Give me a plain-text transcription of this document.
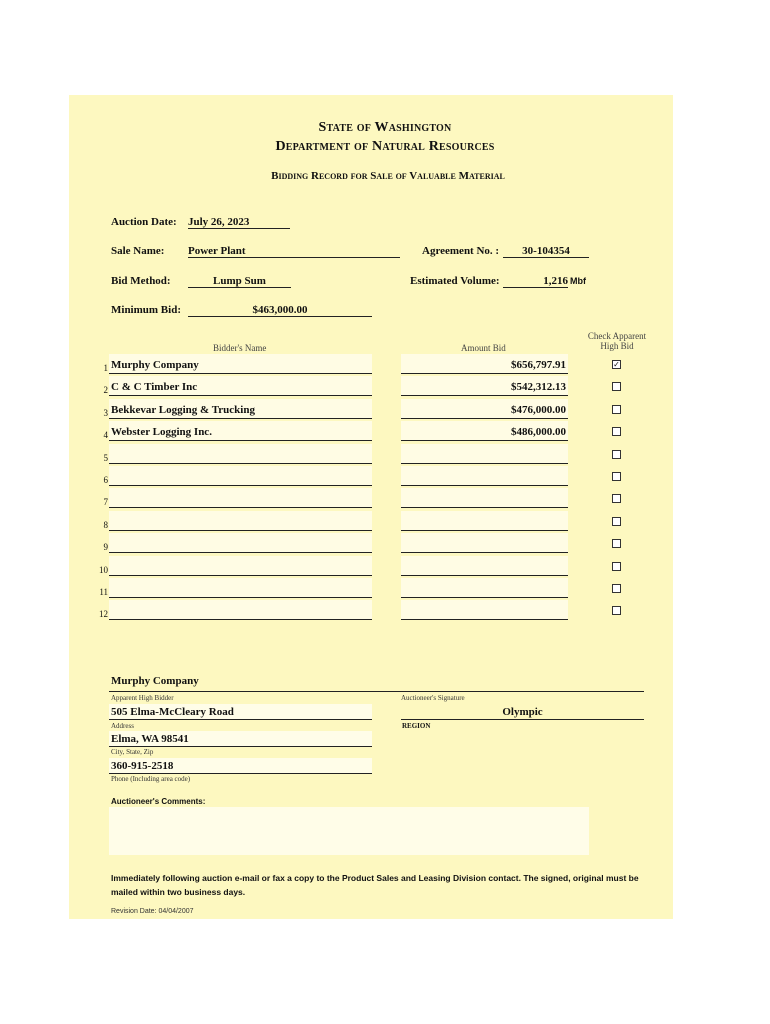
State of Washington
Department of Natural Resources
Bidding Record for Sale of Valuable Material
Auction Date: July 26, 2023
Sale Name: Power Plant	Agreement No. :	30-104354
Bid Method:	Lump Sum	Estimated Volume:	1,216 Mbf
Minimum Bid:	$463,000.00
Bidder's Name	Amount Bid
Check Apparent
High Bid
1 Murphy Company	$656,797.91	✓
2 C & C Timber Inc	$542,312.13
3 Bekkevar Logging & Trucking	$476,000.00
4 Webster Logging Inc.	$486,000.00
5
6
7
8
9
10
11
12
Murphy Company
Apparent High Bidder	Auctioneer's Signature
505 Elma-McCleary Road
Address
Olympic
REGION
Elma, WA 98541
City, State, Zip
360-915-2518
Phone (Including area code)
Auctioneer's Comments:
Immediately following auction e-mail or fax a copy to the Product Sales and Leasing Division contact. The signed, original must be mailed within two business days.
Revision Date: 04/04/2007
